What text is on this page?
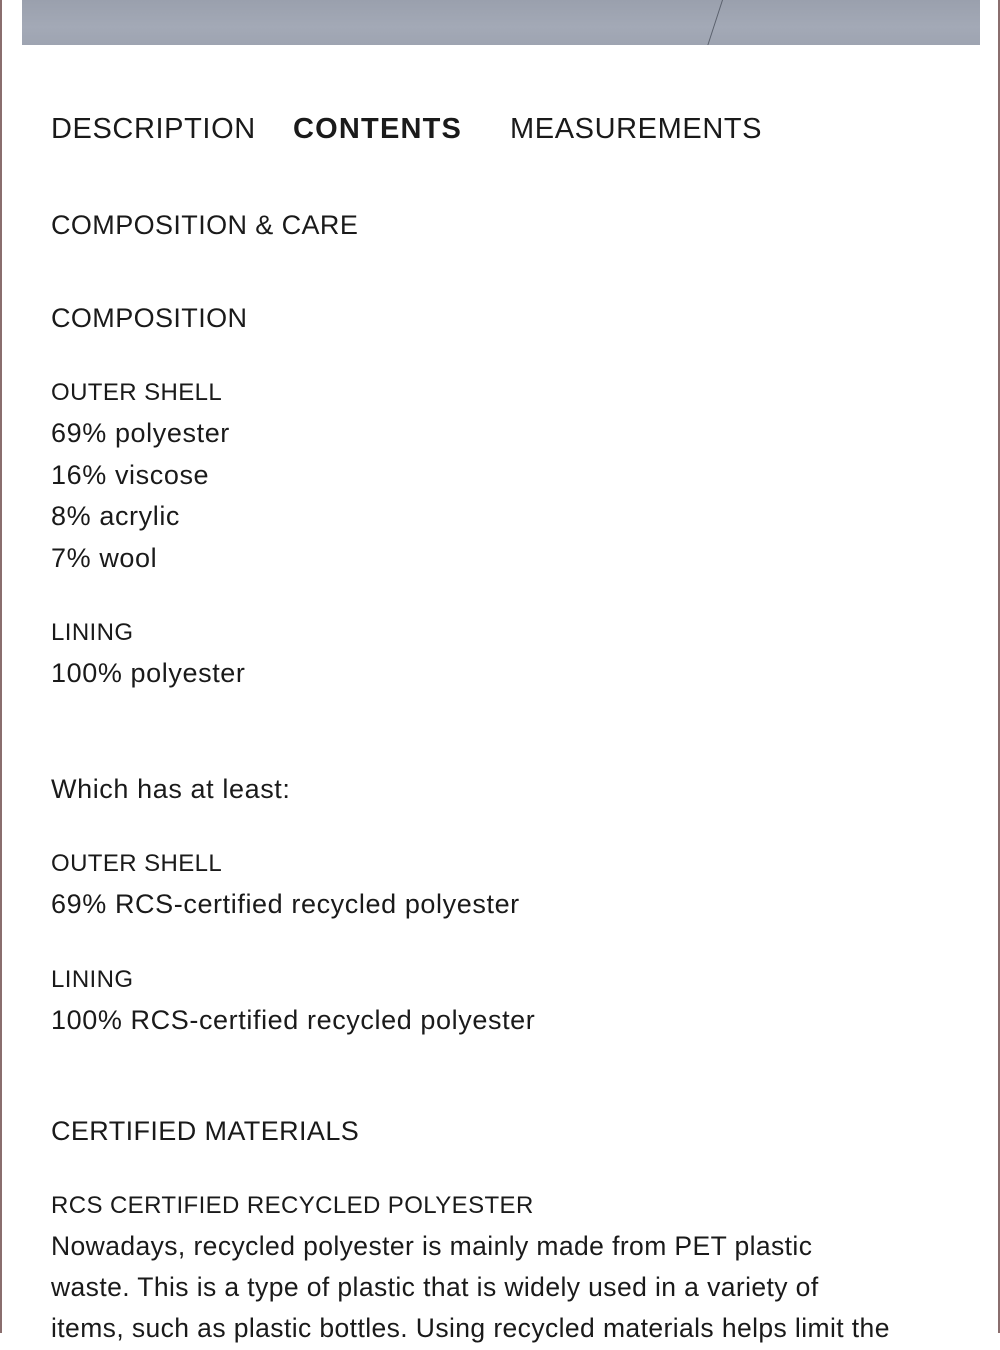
DESCRIPTION CONTENTS MEASUREMENTS
COMPOSITION & CARE
COMPOSITION
OUTER SHELL
69% polyester
16% viscose
8% acrylic
7% wool
LINING
100% polyester
Which has at least:
OUTER SHELL
69% RCS-certified recycled polyester
LINING
100% RCS-certified recycled polyester
CERTIFIED MATERIALS
RCS CERTIFIED RECYCLED POLYESTER
Nowadays, recycled polyester is mainly made from PET plastic
waste. This is a type of plastic that is widely used in a variety of
items, such as plastic bottles. Using recycled materials helps limit the
